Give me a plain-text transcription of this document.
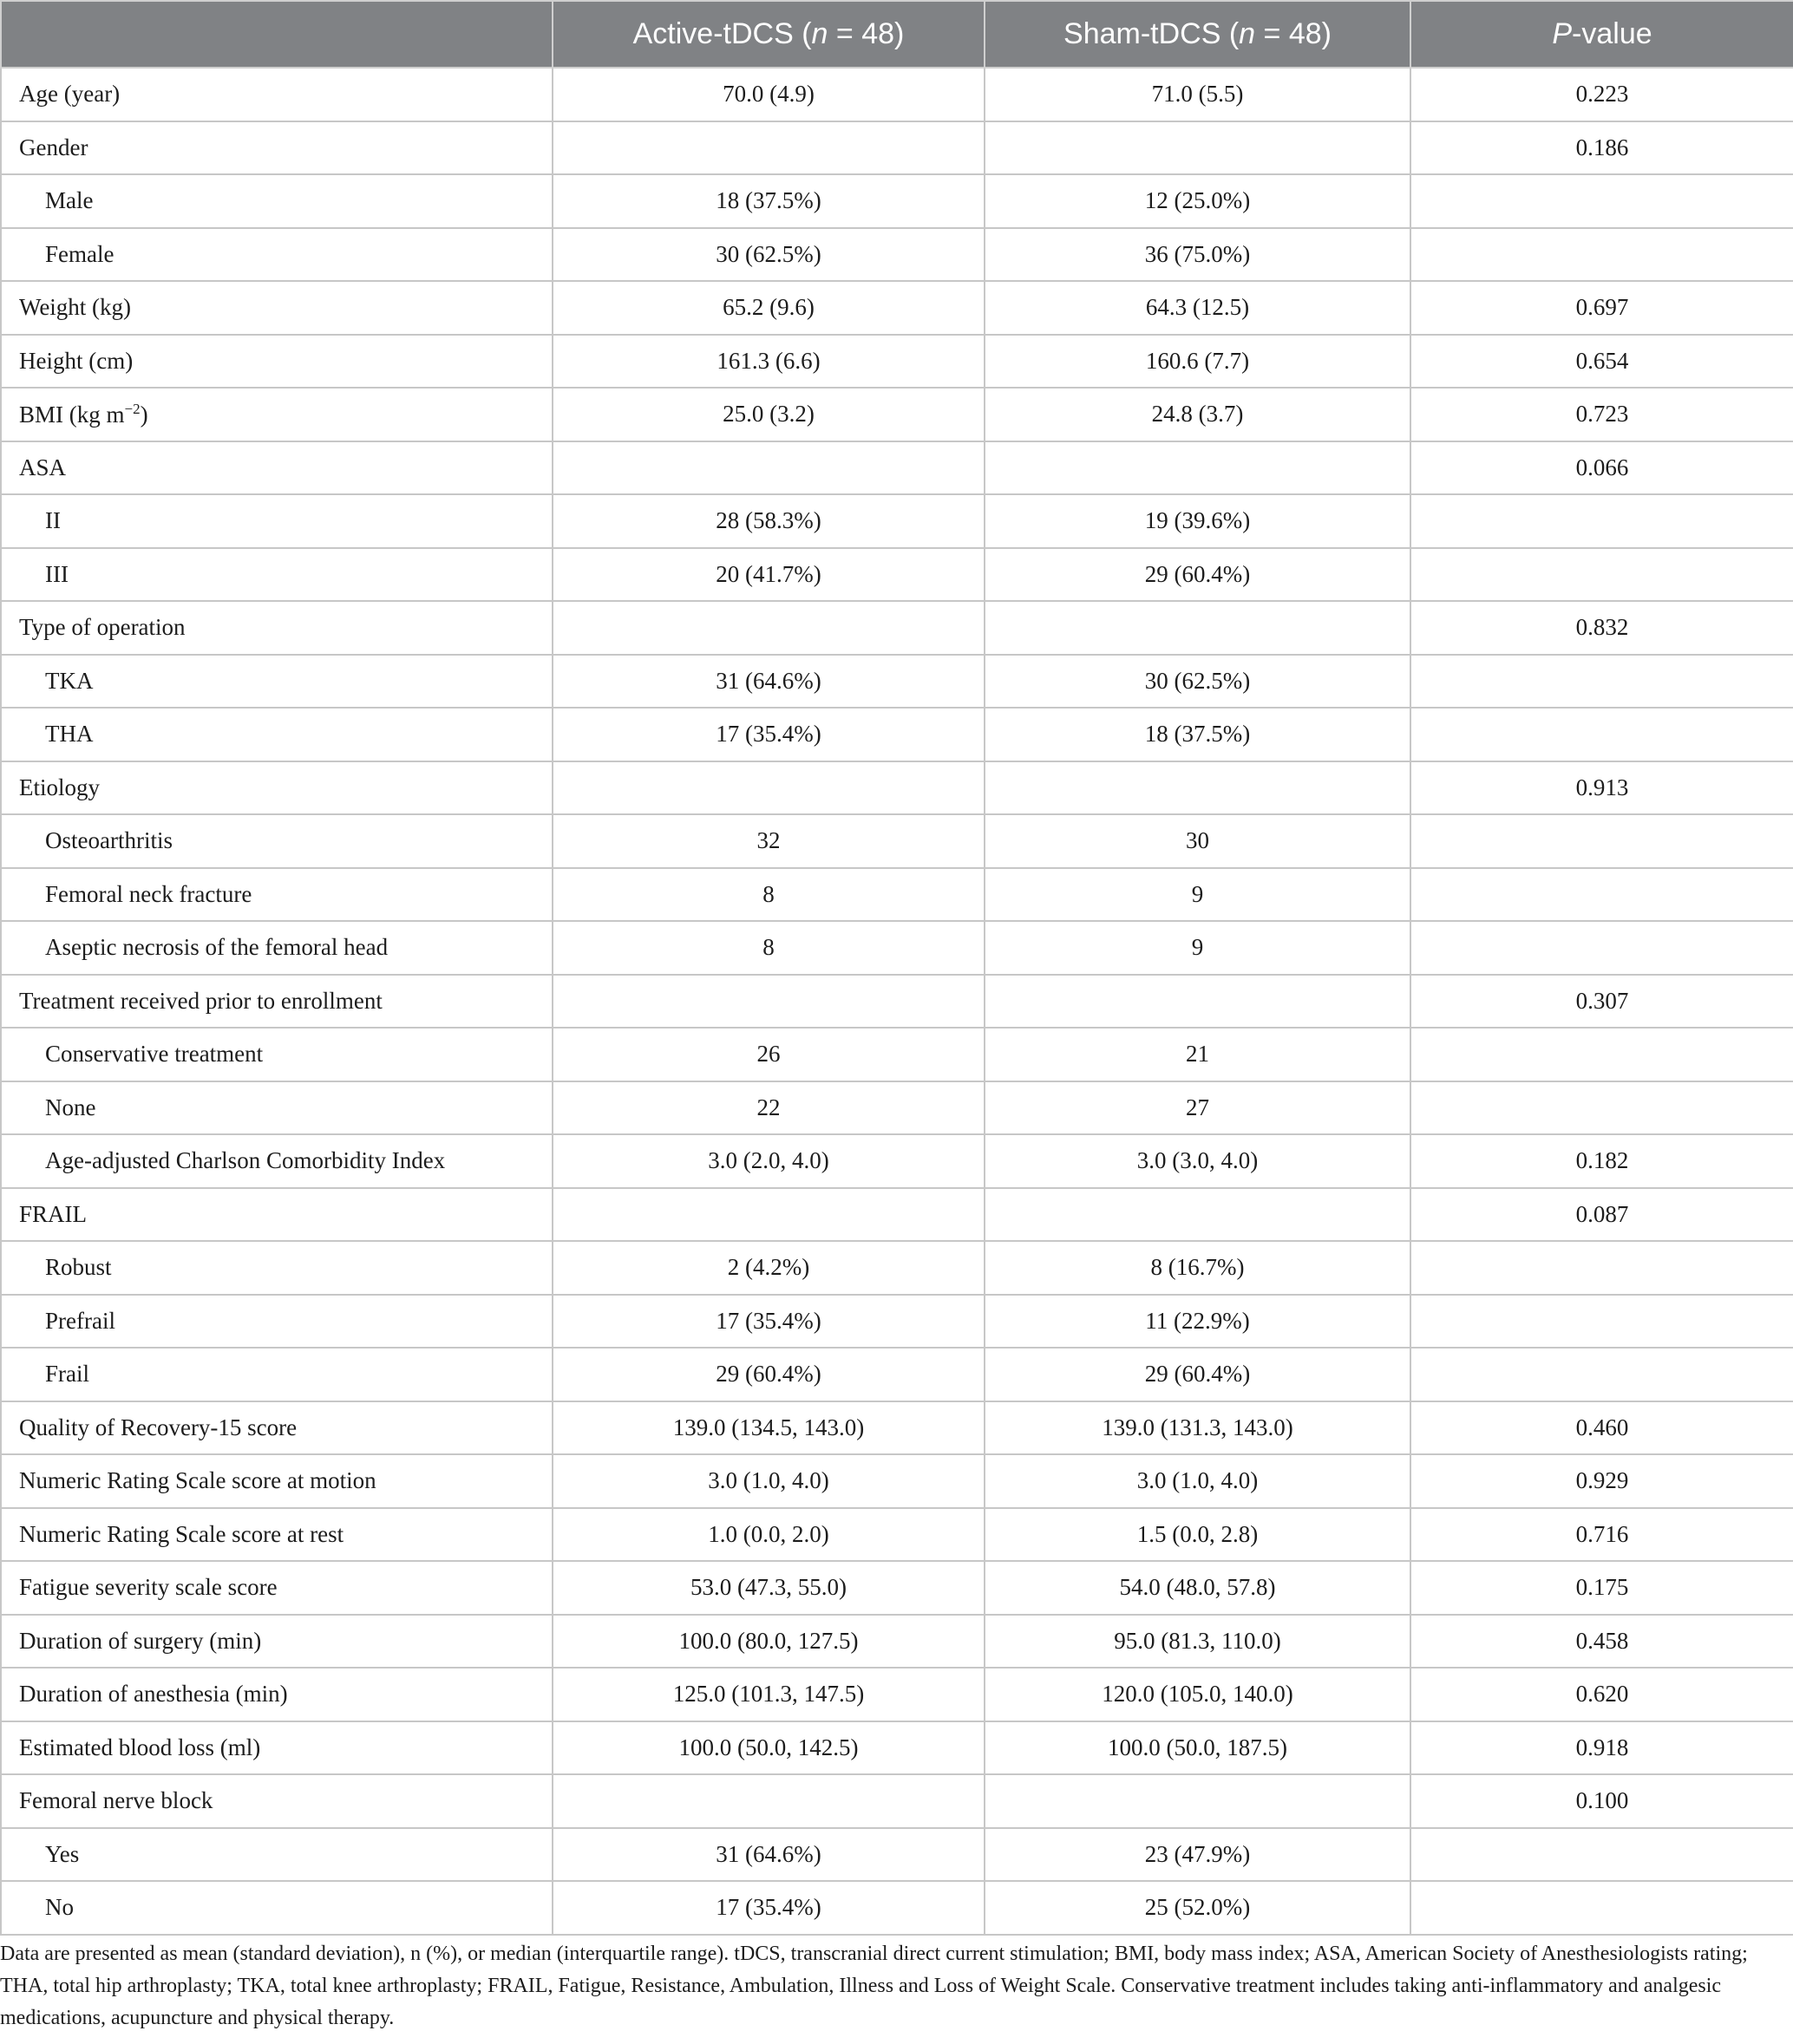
	Active-tDCS (n = 48)	Sham-tDCS (n = 48)	P-value
Age (year)	70.0 (4.9)	71.0 (5.5)	0.223
Gender			0.186
Male	18 (37.5%)	12 (25.0%)	
Female	30 (62.5%)	36 (75.0%)	
Weight (kg)	65.2 (9.6)	64.3 (12.5)	0.697
Height (cm)	161.3 (6.6)	160.6 (7.7)	0.654
BMI (kg $m^{-2}$)	25.0 (3.2)	24.8 (3.7)	0.723
ASA			0.066
II	28 (58.3%)	19 (39.6%)	
III	20 (41.7%)	29 (60.4%)	
Type of operation			0.832
TKA	31 (64.6%)	30 (62.5%)	
THA	17 (35.4%)	18 (37.5%)	
Etiology			0.913
Osteoarthritis	32	30	
Femoral neck fracture	8	9	
Aseptic necrosis of the femoral head	8	9	
Treatment received prior to enrollment			0.307
Conservative treatment	26	21	
None	22	27	
Age-adjusted Charlson Comorbidity Index	3.0 (2.0, 4.0)	3.0 (3.0, 4.0)	0.182
FRAIL			0.087
Robust	2 (4.2%)	8 (16.7%)	
Prefrail	17 (35.4%)	11 (22.9%)	
Frail	29 (60.4%)	29 (60.4%)	
Quality of Recovery-15 score	139.0 (134.5, 143.0)	139.0 (131.3, 143.0)	0.460
Numeric Rating Scale score at motion	3.0 (1.0, 4.0)	3.0 (1.0, 4.0)	0.929
Numeric Rating Scale score at rest	1.0 (0.0, 2.0)	1.5 (0.0, 2.8)	0.716
Fatigue severity scale score	53.0 (47.3, 55.0)	54.0 (48.0, 57.8)	0.175
Duration of surgery (min)	100.0 (80.0, 127.5)	95.0 (81.3, 110.0)	0.458
Duration of anesthesia (min)	125.0 (101.3, 147.5)	120.0 (105.0, 140.0)	0.620
Estimated blood loss (ml)	100.0 (50.0, 142.5)	100.0 (50.0, 187.5)	0.918
Femoral nerve block			0.100
Yes	31 (64.6%)	23 (47.9%)	
No	17 (35.4%)	25 (52.0%)	
Data are presented as mean (standard deviation), n (%), or median (interquartile range). tDCS, transcranial direct current stimulation; BMI, body mass index; ASA, American Society of Anesthesiologists rating; THA, total hip arthroplasty; TKA, total knee arthroplasty; FRAIL, Fatigue, Resistance, Ambulation, Illness and Loss of Weight Scale. Conservative treatment includes taking anti-inflammatory and analgesic medications, acupuncture and physical therapy.
